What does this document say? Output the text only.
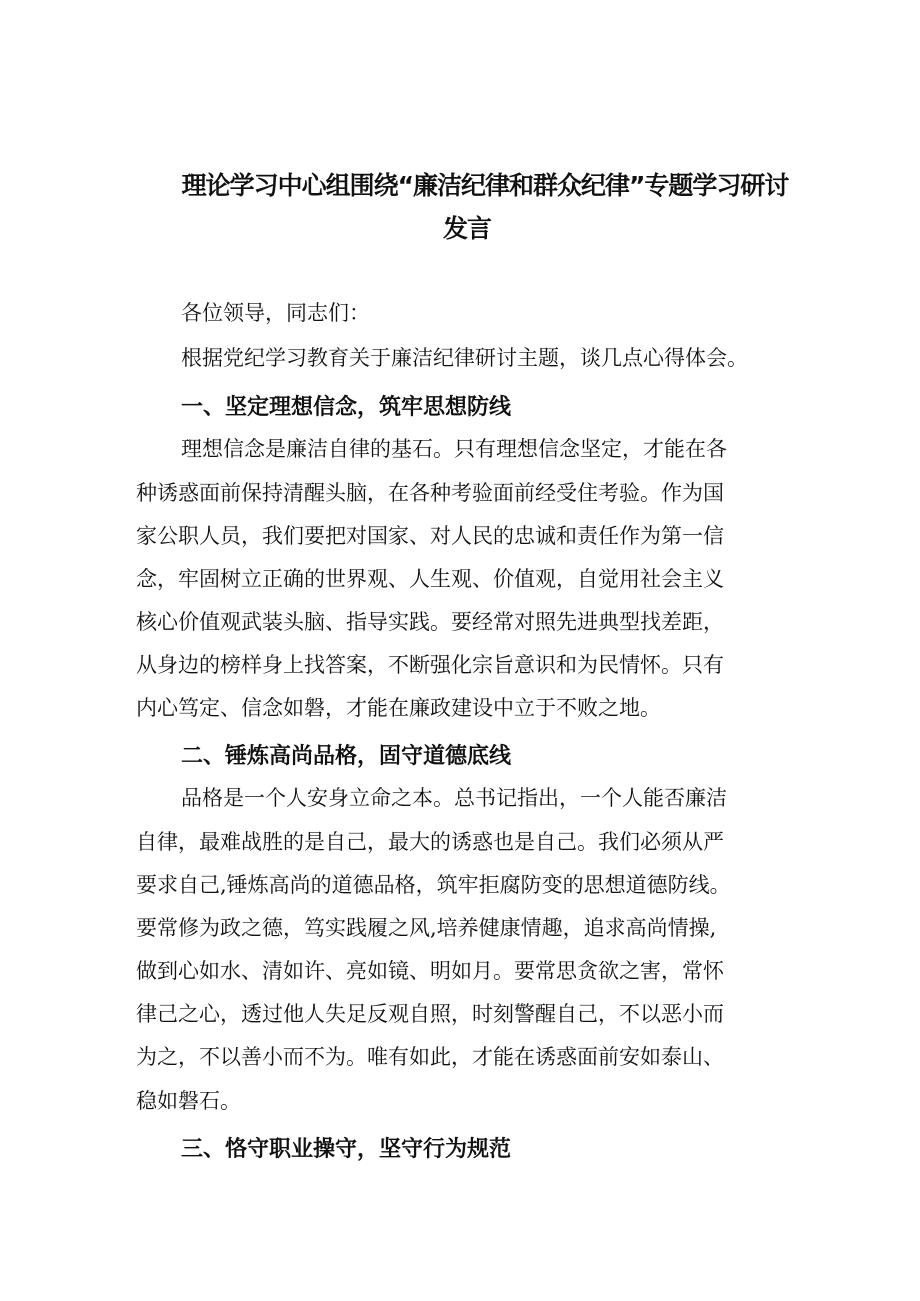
理论学习中心组围绕“廉洁纪律和群众纪律”专题学习研讨
发言
各位领导，同志们：
根据党纪学习教育关于廉洁纪律研讨主题，谈几点心得体会。
一、坚定理想信念，筑牢思想防线
理想信念是廉洁自律的基石。只有理想信念坚定，才能在各
种诱惑面前保持清醒头脑，在各种考验面前经受住考验。作为国
家公职人员，我们要把对国家、对人民的忠诚和责任作为第一信
念，牢固树立正确的世界观、人生观、价值观，自觉用社会主义
核心价值观武装头脑、指导实践。要经常对照先进典型找差距，
从身边的榜样身上找答案，不断强化宗旨意识和为民情怀。只有
内心笃定、信念如磐，才能在廉政建设中立于不败之地。
二、锤炼高尚品格，固守道德底线
品格是一个人安身立命之本。总书记指出，一个人能否廉洁
自律，最难战胜的是自己，最大的诱惑也是自己。我们必须从严
要求自己,锤炼高尚的道德品格，筑牢拒腐防变的思想道德防线。
要常修为政之德，笃实践履之风,培养健康情趣，追求高尚情操,
做到心如水、清如许、亮如镜、明如月。要常思贪欲之害，常怀
律己之心，透过他人失足反观自照，时刻警醒自己，不以恶小而
为之，不以善小而不为。唯有如此，才能在诱惑面前安如泰山、
稳如磐石。
三、恪守职业操守，坚守行为规范
